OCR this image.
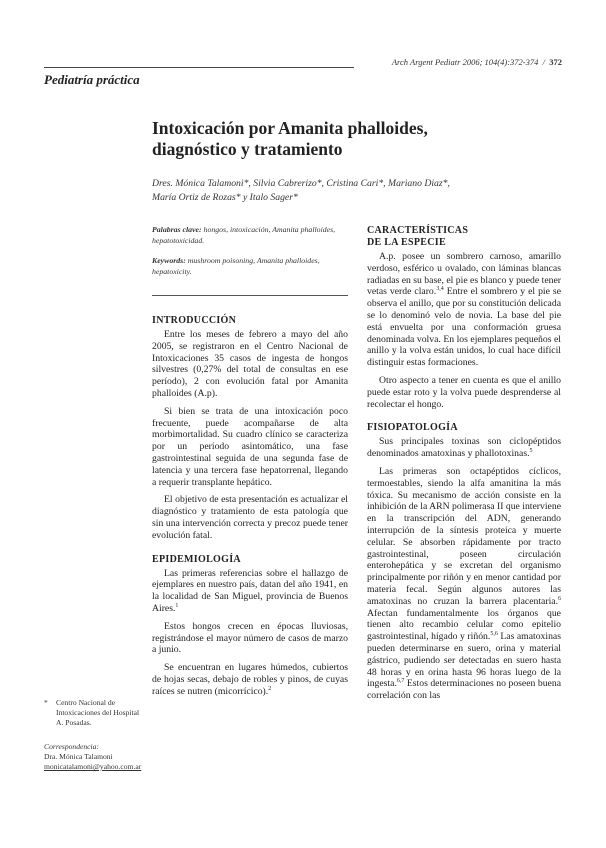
Arch Argent Pediatr 2006; 104(4):372-374 / 372
Pediatría práctica
Intoxicación por Amanita phalloides,
diagnóstico y tratamiento
Dres. Mónica Talamoni*, Silvia Cabrerizo*, Cristina Cari*, Mariano Diaz*,
María Ortiz de Rozas* y Italo Sager*
Palabras clave: hongos, intoxicación, Amanita phalloides, hepatotoxicidad.
Keywords: mushroom poisoning, Amanita phalloides, hepatoxicity.
INTRODUCCIÓN

Entre los meses de febrero a mayo del año 2005, se registraron en el Centro Nacional de Intoxicaciones 35 casos de ingesta de hongos silvestres (0,27% del total de consultas en ese período), 2 con evolución fatal por Amanita phalloides (A.p).

Si bien se trata de una intoxicación poco frecuente, puede acompañarse de alta morbimortalidad. Su cuadro clínico se caracteriza por un período asintomático, una fase gastrointestinal seguida de una segunda fase de latencia y una tercera fase hepatorrenal, llegando a requerir transplante hepático.

El objetivo de esta presentación es actualizar el diagnóstico y tratamiento de esta patología que sin una intervención correcta y precoz puede tener evolución fatal.

EPIDEMIOLOGÍA

Las primeras referencias sobre el hallazgo de ejemplares en nuestro país, datan del año 1941, en la localidad de San Miguel, provincia de Buenos Aires.$^1$

Estos hongos crecen en épocas lluviosas, registrándose el mayor número de casos de marzo a junio.

Se encuentran en lugares húmedos, cubiertos de hojas secas, debajo de robles y pinos, de cuyas raíces se nutren (micorrícico).$^2$

CARACTERÍSTICAS
DE LA ESPECIE

A.p. posee un sombrero carnoso, amarillo verdoso, esférico u ovalado, con láminas blancas radiadas en su base, el pie es blanco y puede tener vetas verde claro.$^{3,4}$ Entre el sombrero y el pie se observa el anillo, que por su constitución delicada se lo denominó velo de novia. La base del pie está envuelta por una conformación gruesa denominada volva. En los ejemplares pequeños el anillo y la volva están unidos, lo cual hace difícil distinguir estas formaciones.

Otro aspecto a tener en cuenta es que el anillo puede estar roto y la volva puede desprenderse al recolectar el hongo.

FISIOPATOLOGÍA

Sus principales toxinas son ciclopéptidos denominados amatoxinas y phallotoxinas.$^5$

Las primeras son octapéptidos cíclicos, termoestables, siendo la alfa amanitina la más tóxica. Su mecanismo de acción consiste en la inhibición de la ARN polimerasa II que interviene en la transcripción del ADN, generando interrupción de la síntesis proteica y muerte celular. Se absorben rápidamente por tracto gastrointestinal, poseen circulación enterohepática y se excretan del organismo principalmente por riñón y en menor cantidad por materia fecal. Según algunos autores las amatoxinas no cruzan la barrera placentaria.$^6$ Afectan fundamentalmente los órganos que tienen alto recambio celular como epitelio gastrointestinal, hígado y riñón.$^{5,6}$ Las amatoxinas pueden determinarse en suero, orina y material gástrico, pudiendo ser detectadas en suero hasta 48 horas y en orina hasta 96 horas luego de la ingesta.$^{6,7}$ Estos determinaciones no poseen buena correlación con las

*	Centro Nacional de Intoxicaciones del Hospital A. Posadas.
Correspondencia:
Dra. Mónica Talamoni
monicatalamoni@yahoo.com.ar
